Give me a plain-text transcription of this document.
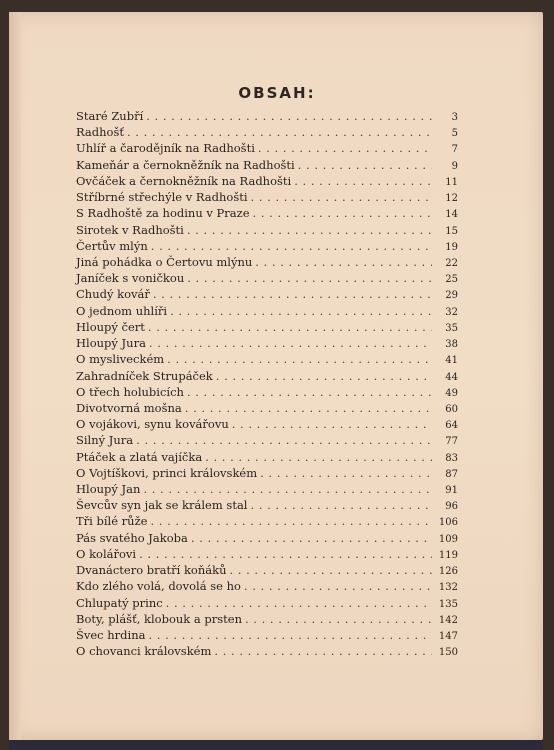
OBSAH:
Staré Zubří . . .	3
Radhošť . . .	5
Uhlíř a čarodějník na Radhošti . . .	7
Kameňár a černokněžník na Radhošti . . .	9
Ovčáček a černokněžník na Radhošti . . .	11
Stříbrné střechýle v Radhošti . . .	12
S Radhoště za hodinu v Praze . . .	14
Sirotek v Radhošti . . .	15
Čertův mlýn . . .	19
Jiná pohádka o Čertovu mlýnu . . .	22
Janíček s voničkou . . .	25
Chudý kovář . . .	29
O jednom uhlíři . . .	32
Hloupý čert . . .	35
Hloupý Jura . . .	38
O mysliveckém . . .	41
Zahradníček Strupáček . . .	44
O třech holubicích . . .	49
Divotvorná mošna . . .	60
O vojákovi, synu kovářovu . . .	64
Silný Jura . . .	77
Ptáček a zlatá vajíčka . . .	83
O Vojtíškovi, princi královském . . .	87
Hloupý Jan . . .	91
Ševcův syn jak se králem stal . . .	96
Tři bílé růže . . .	106
Pás svatého Jakoba . . .	109
O kolářovi . . .	119
Dvanáctero bratří koňáků . . .	126
Kdo zlého volá, dovolá se ho . . .	132
Chlupatý princ . . .	135
Boty, plášť, klobouk a prsten . . .	142
Švec hrdina . . .	147
O chovanci královském . . .	150
